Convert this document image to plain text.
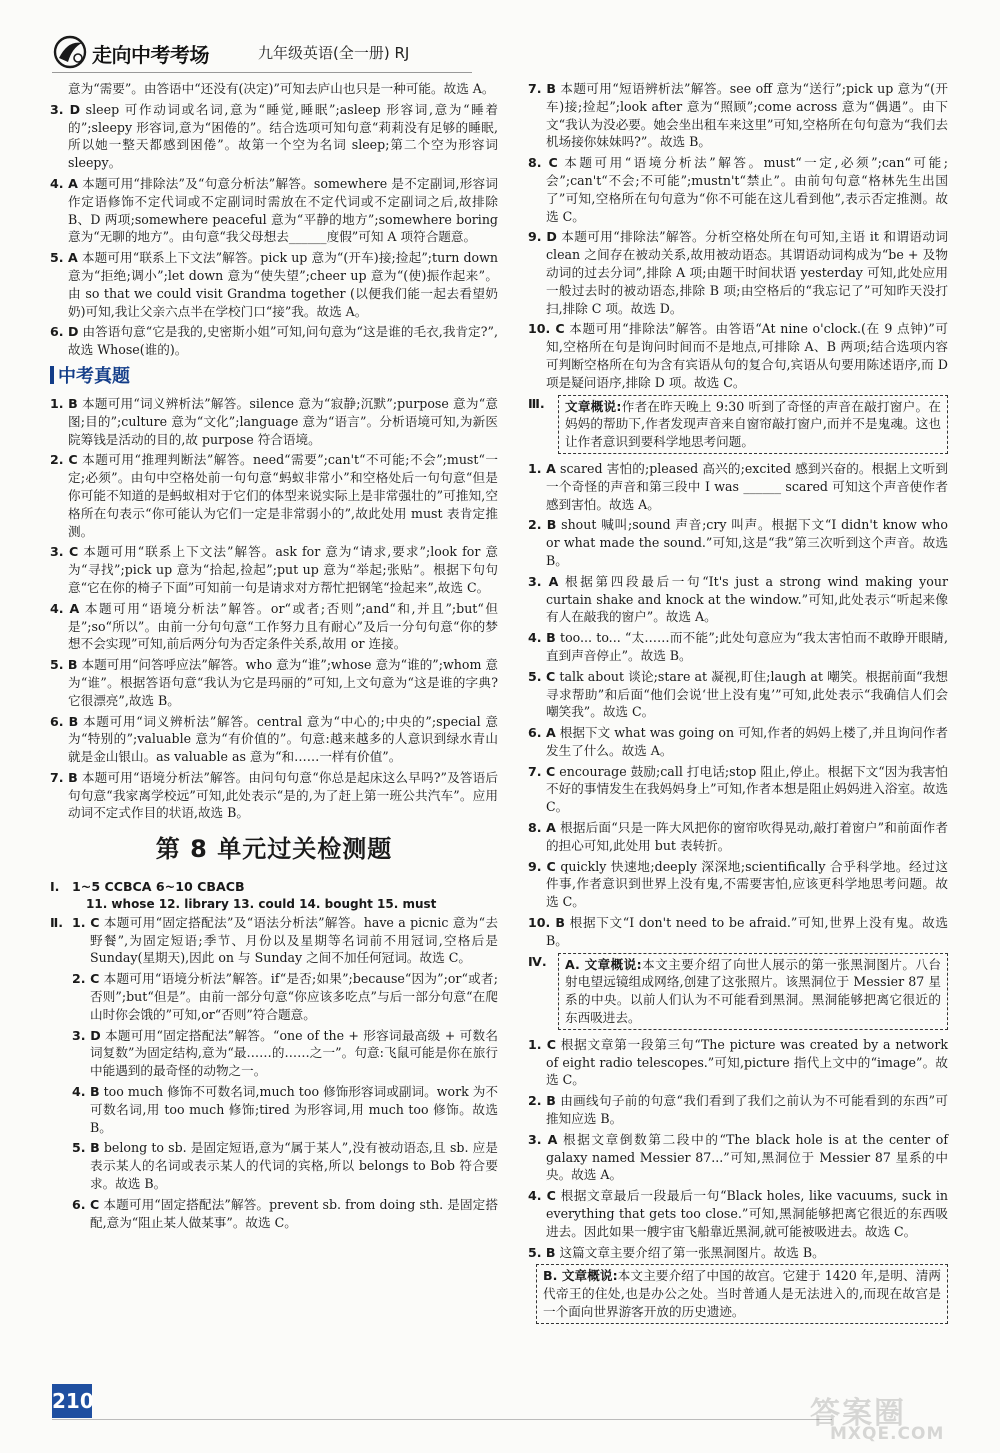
走向中考考场	九年级英语(全一册) RJ

意为“需要”。由答语中“还没有(决定)”可知去庐山也只是一种可能。故选 A。

3. D sleep 可作动词或名词,意为“睡觉,睡眠”;asleep 形容词,意为“睡着的”;sleepy 形容词,意为“困倦的”。结合选项可知句意“莉莉没有足够的睡眠,所以她一整天都感到困倦”。故第一个空为名词 sleep;第二个空为形容词 sleepy。

4. A 本题可用“排除法”及“句意分析法”解答。somewhere 是不定副词,形容词作定语修饰不定代词或不定副词时需放在不定代词或不定副词之后,故排除 B、D 两项;somewhere peaceful 意为“平静的地方”;somewhere boring 意为“无聊的地方”。由句意“我父母想去______度假”可知 A 项符合题意。

5. A 本题可用“联系上下文法”解答。pick up 意为“(开车)接;捡起”;turn down 意为“拒绝;调小”;let down 意为“使失望”;cheer up 意为“(使)振作起来”。由 so that we could visit Grandma together (以便我们能一起去看望奶奶)可知,我让父亲六点半在学校门口“接”我。故选 A。

6. D 由答语句意“它是我的,史密斯小姐”可知,问句意为“这是谁的毛衣,我肯定?”,故选 Whose(谁的)。

中考真题

1. B 本题可用“词义辨析法”解答。silence 意为“寂静;沉默”;purpose 意为“意图;目的”;culture 意为“文化”;language 意为“语言”。分析语境可知,为新医院筹钱是活动的目的,故 purpose 符合语境。

2. C 本题可用“推理判断法”解答。need“需要”;can't“不可能;不会”;must“一定;必须”。由句中空格处前一句句意“蚂蚁非常小”和空格处后一句句意“但是你可能不知道的是蚂蚁相对于它们的体型来说实际上是非常强壮的”可推知,空格所在句表示“你可能认为它们一定是非常弱小的”,故此处用 must 表肯定推测。

3. C 本题可用“联系上下文法”解答。ask for 意为“请求,要求”;look for 意为“寻找”;pick up 意为“拾起,捡起”;put up 意为“举起;张贴”。根据下句句意“它在你的椅子下面”可知前一句是请求对方帮忙把钢笔“捡起来”,故选 C。

4. A 本题可用“语境分析法”解答。or“或者;否则”;and“和,并且”;but“但是”;so“所以”。由前一分句句意“工作努力且有耐心”及后一分句句意“你的梦想不会实现”可知,前后两分句为否定条件关系,故用 or 连接。

5. B 本题可用“问答呼应法”解答。who 意为“谁”;whose 意为“谁的”;whom 意为“谁”。根据答语句意“我认为它是玛丽的”可知,上文句意为“这是谁的字典?它很漂亮”,故选 B。

6. B 本题可用“词义辨析法”解答。central 意为“中心的;中央的”;special 意为“特别的”;valuable 意为“有价值的”。句意:越来越多的人意识到绿水青山就是金山银山。as valuable as 意为“和……一样有价值”。

7. B 本题可用“语境分析法”解答。由问句句意“你总是起床这么早吗?”及答语后句句意“我家离学校远”可知,此处表示“是的,为了赶上第一班公共汽车”。应用动词不定式作目的状语,故选 B。

第 8 单元过关检测题
Ⅰ. 1~5 CCBCA 6~10 CBACB
11. whose 12. library 13. could 14. bought 15. must
Ⅱ. 1. C 本题可用“固定搭配法”及“语法分析法”解答。have a picnic 意为“去野餐”,为固定短语;季节、月份以及星期等名词前不用冠词,空格后是 Sunday(星期天),因此 on 与 Sunday 之间不加任何冠词。故选 C。

2. C 本题可用“语境分析法”解答。if“是否;如果”;because“因为”;or“或者;否则”;but“但是”。由前一部分句意“你应该多吃点”与后一部分句意“在爬山时你会饿的”可知,or“否则”符合题意。

3. D 本题可用“固定搭配法”解答。“one of the + 形容词最高级 + 可数名词复数”为固定结构,意为“最……的……之一”。句意:飞鼠可能是你在旅行中能遇到的最奇怪的动物之一。

4. B too much 修饰不可数名词,much too 修饰形容词或副词。work 为不可数名词,用 too much 修饰;tired 为形容词,用 much too 修饰。故选 B。

5. B belong to sb. 是固定短语,意为“属于某人”,没有被动语态,且 sb. 应是表示某人的名词或表示某人的代词的宾格,所以 belongs to Bob 符合要求。故选 B。

6. C 本题可用“固定搭配法”解答。prevent sb. from doing sth. 是固定搭配,意为“阻止某人做某事”。故选 C。

7. B 本题可用“短语辨析法”解答。see off 意为“送行”;pick up 意为“(开车)接;捡起”;look after 意为“照顾”;come across 意为“偶遇”。由下文“我认为没必要。她会坐出租车来这里”可知,空格所在句句意为“我们去机场接你妹妹吗?”。故选 B。

8. C 本题可用“语境分析法”解答。must“一定,必须”;can“可能;会”;can't“不会;不可能”;mustn't“禁止”。由前句句意“格林先生出国了”可知,空格所在句句意为“你不可能在这儿看到他”,表示否定推测。故选 C。

9. D 本题可用“排除法”解答。分析空格处所在句可知,主语 it 和谓语动词 clean 之间存在被动关系,故用被动语态。其谓语动词构成为“be + 及物动词的过去分词”,排除 A 项;由题干时间状语 yesterday 可知,此处应用一般过去时的被动语态,排除 B 项;由空格后的“我忘记了”可知昨天没打扫,排除 C 项。故选 D。

10. C 本题可用“排除法”解答。由答语“At nine o'clock.(在 9 点钟)”可知,空格所在句是询问时间而不是地点,可排除 A、B 两项;结合选项内容可判断空格所在句为含有宾语从句的复合句,宾语从句要用陈述语序,而 D 项是疑问语序,排除 D 项。故选 C。

Ⅲ.	文章概说:作者在昨天晚上 9:30 听到了奇怪的声音在敲打窗户。在妈妈的帮助下,作者发现声音来自窗帘敲打窗户,而并不是鬼魂。这也让作者意识到要科学地思考问题。

1. A scared 害怕的;pleased 高兴的;excited 感到兴奋的。根据上文听到一个奇怪的声音和第三段中 I was ______ scared 可知这个声音使作者感到害怕。故选 A。

2. B shout 喊叫;sound 声音;cry 叫声。根据下文“I didn't know who or what made the sound.”可知,这是“我”第三次听到这个声音。故选 B。

3. A 根据第四段最后一句“It's just a strong wind making your curtain shake and knock at the window.”可知,此处表示“听起来像有人在敲我的窗户”。故选 A。

4. B too... to... “太……而不能”;此处句意应为“我太害怕而不敢睁开眼睛,直到声音停止”。故选 B。

5. C talk about 谈论;stare at 凝视,盯住;laugh at 嘲笑。根据前面“我想寻求帮助”和后面“他们会说‘世上没有鬼’”可知,此处表示“我确信人们会嘲笑我”。故选 C。

6. A 根据下文 what was going on 可知,作者的妈妈上楼了,并且询问作者发生了什么。故选 A。

7. C encourage 鼓励;call 打电话;stop 阻止,停止。根据下文“因为我害怕不好的事情发生在我妈妈身上”可知,作者本想是阻止妈妈进入浴室。故选 C。

8. A 根据后面“只是一阵大风把你的窗帘吹得晃动,敲打着窗户”和前面作者的担心可知,此处用 but 表转折。

9. C quickly 快速地;deeply 深深地;scientifically 合乎科学地。经过这件事,作者意识到世界上没有鬼,不需要害怕,应该更科学地思考问题。故选 C。

10. B 根据下文“I don't need to be afraid.”可知,世界上没有鬼。故选 B。

Ⅳ.	A. 文章概说:本文主要介绍了向世人展示的第一张黑洞图片。八台射电望远镜组成网络,创建了这张照片。该黑洞位于 Messier 87 星系的中央。以前人们认为不可能看到黑洞。黑洞能够把离它很近的东西吸进去。

1. C 根据文章第一段第三句“The picture was created by a network of eight radio telescopes.”可知,picture 指代上文中的“image”。故选 C。

2. B 由画线句子前的句意“我们看到了我们之前认为不可能看到的东西”可推知应选 B。

3. A 根据文章倒数第二段中的“The black hole is at the center of galaxy named Messier 87...”可知,黑洞位于 Messier 87 星系的中央。故选 A。

4. C 根据文章最后一段最后一句“Black holes, like vacuums, suck in everything that gets too close.”可知,黑洞能够把离它很近的东西吸进去。因此如果一艘宇宙飞船靠近黑洞,就可能被吸进去。故选 C。

5. B 这篇文章主要介绍了第一张黑洞图片。故选 B。

B. 文章概说:本文主要介绍了中国的故宫。它建于 1420 年,是明、清两代帝王的住处,也是办公之处。当时普通人是无法进入的,而现在故宫是一个面向世界游客开放的历史遗迹。
210	答案圈
MXQE.COM
